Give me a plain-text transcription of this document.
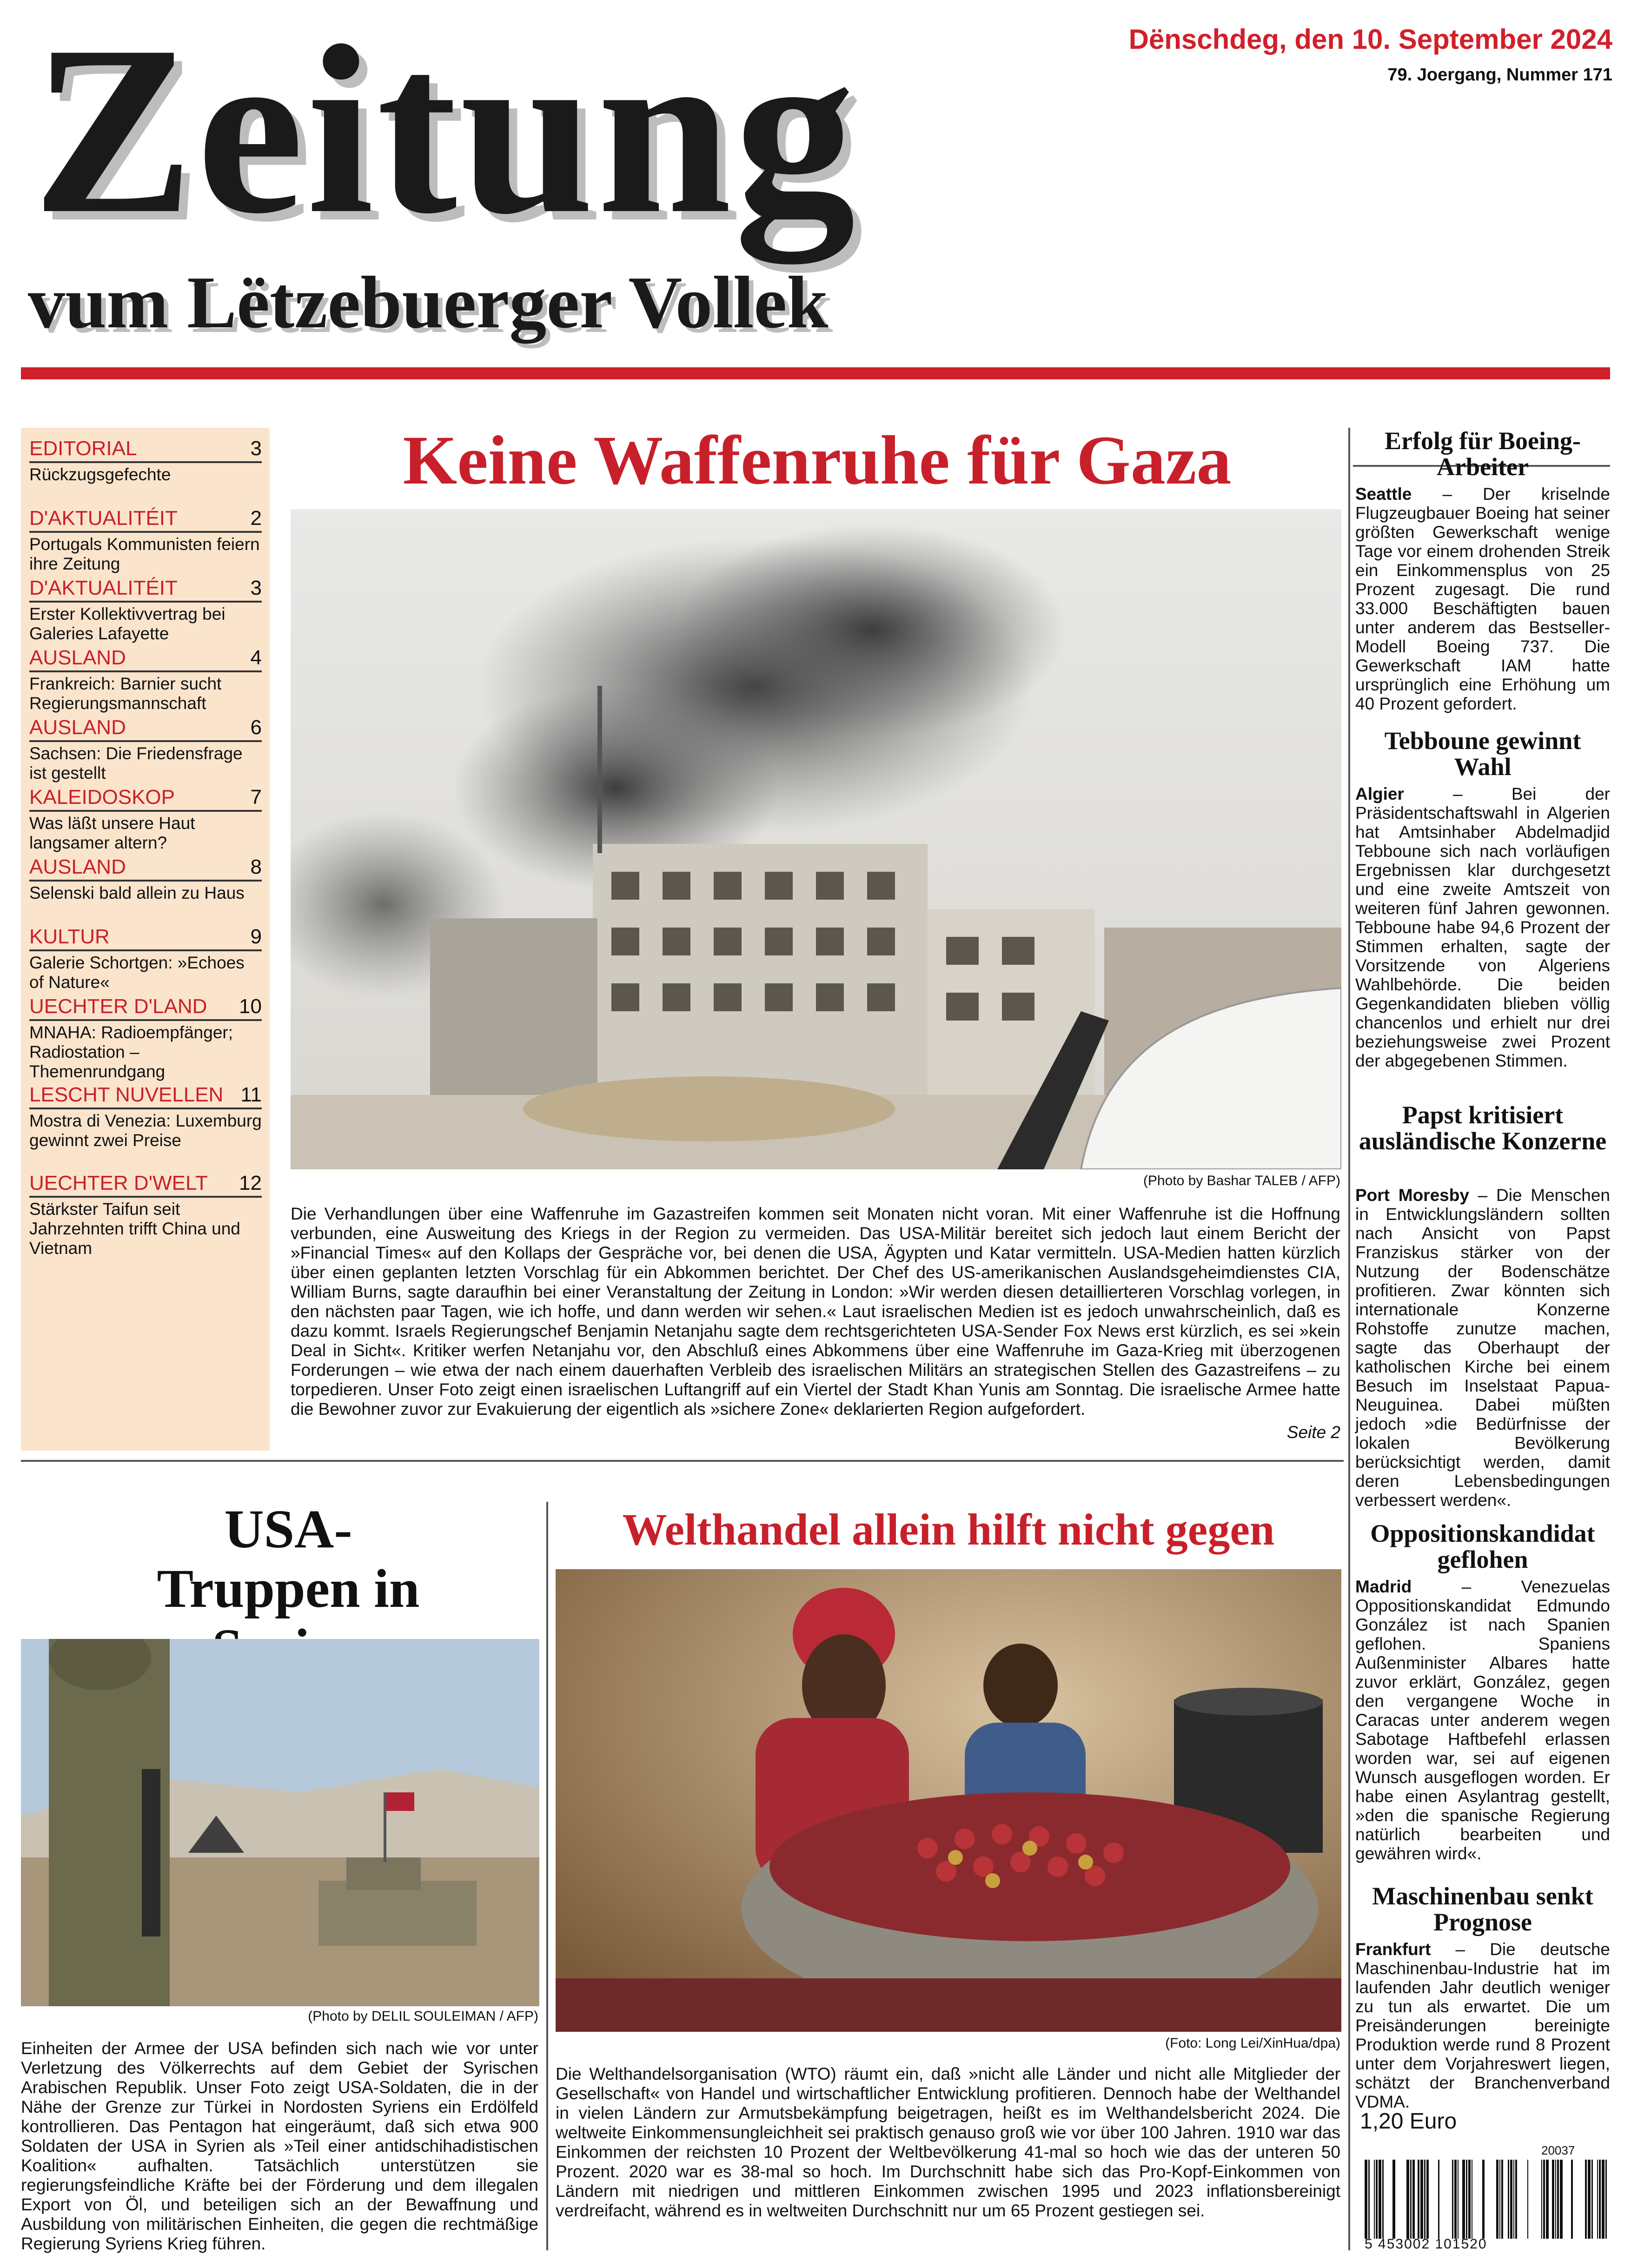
Zeitung
vum Lëtzebuerger Vollek
Dënschdeg, den 10. September 2024
79. Joergang, Nummer 171
EDITORIAL	3
Rückzugsgefechte
D'AKTUALITÉIT	2
Portugals Kommunisten feiern ihre Zeitung
D'AKTUALITÉIT	3
Erster Kollektivvertrag bei Galeries Lafayette
AUSLAND	4
Frankreich: Barnier sucht Regierungsmannschaft
AUSLAND	6
Sachsen: Die Friedensfrage ist gestellt
KALEIDOSKOP	7
Was läßt unsere Haut langsamer altern?
AUSLAND	8
Selenski bald allein zu Haus
KULTUR	9
Galerie Schortgen: »Echoes of Nature«
UECHTER D'LAND 10
MNAHA: Radioempfänger; Radiostation – Themenrundgang
LESCHT NUVELLEN 11
Mostra di Venezia: Luxemburg gewinnt zwei Preise
UECHTER D'WELT 12
Stärkster Taifun seit Jahrzehnten trifft China und Vietnam
Keine Waffenruhe für Gaza
(Photo by Bashar TALEB / AFP)
Die Verhandlungen über eine Waffenruhe im Gazastreifen kommen seit Monaten nicht voran. Mit einer Waffenruhe ist die Hoffnung verbunden, eine Ausweitung des Kriegs in der Region zu vermeiden. Das USA-Militär bereitet sich jedoch laut einem Bericht der »Financial Times« auf den Kollaps der Gespräche vor, bei denen die USA, Ägypten und Katar vermitteln. USA-Medien hatten kürzlich über einen geplanten letzten Vorschlag für ein Abkommen berichtet. Der Chef des US-amerikanischen Auslandsgeheimdienstes CIA, William Burns, sagte daraufhin bei einer Veranstaltung der Zeitung in London: »Wir werden diesen detaillierteren Vorschlag vorlegen, in den nächsten paar Tagen, wie ich hoffe, und dann werden wir sehen.« Laut israelischen Medien ist es jedoch unwahrscheinlich, daß es dazu kommt. Israels Regierungschef Benjamin Netanjahu sagte dem rechtsgerichteten USA-Sender Fox News erst kürzlich, es sei »kein Deal in Sicht«. Kritiker werfen Netanjahu vor, den Abschluß eines Abkommens über eine Waffenruhe im Gaza-Krieg mit überzogenen Forderungen – wie etwa der nach einem dauerhaften Verbleib des israelischen Militärs an strategischen Stellen des Gazastreifens – zu torpedieren. Unser Foto zeigt einen israelischen Luftangriff auf ein Viertel der Stadt Khan Yunis am Sonntag. Die israelische Armee hatte die Bewohner zuvor zur Evakuierung der eigentlich als »sichere Zone« deklarierten Region aufgefordert.
Seite 2
USA-Truppen in
(Photo by DELIL SOULEIMAN / AFP)
Einheiten der Armee der USA befinden sich nach wie vor unter Verletzung des Völkerrechts auf dem Gebiet der Syrischen Arabischen Republik. Unser Foto zeigt USA-Soldaten, die in der Nähe der Grenze zur Türkei in Nordosten Syriens ein Erdölfeld kontrollieren. Das Pentagon hat eingeräumt, daß sich etwa 900 Soldaten der USA in Syrien als »Teil einer antidschihadistischen Koalition« aufhalten. Tatsächlich unterstützen sie regierungsfeindliche Kräfte bei der Förderung und dem illegalen Export von Öl, und beteiligen sich an der Bewaffnung und Ausbildung von militärischen Einheiten, die gegen die rechtmäßige Regierung Syriens Krieg führen.
Welthandel allein hilft nicht gegen
(Foto: Long Lei/XinHua/dpa)
Die Welthandelsorganisation (WTO) räumt ein, daß »nicht alle Länder und nicht alle Mitglieder der Gesellschaft« von Handel und wirtschaftlicher Entwicklung profitieren. Dennoch habe der Welthandel in vielen Ländern zur Armutsbekämpfung beigetragen, heißt es im Welthandelsbericht 2024. Die weltweite Einkommensungleichheit sei praktisch genauso groß wie vor über 100 Jahren. 1910 war das Einkommen der reichsten 10 Prozent der Weltbevölkerung 41-mal so hoch wie das der unteren 50 Prozent. 2020 war es 38-mal so hoch. Im Durchschnitt habe sich das Pro-Kopf-Einkommen von Ländern mit niedrigen und mittleren Einkommen zwischen 1995 und 2023 inflationsbereinigt verdreifacht, während es in weltweiten Durchschnitt nur um 65 Prozent gestiegen sei.
Erfolg für Boeing-Arbeiter
Seattle – Der kriselnde Flugzeugbauer Boeing hat seiner größten Gewerkschaft wenige Tage vor einem drohenden Streik ein Einkommensplus von 25 Prozent zugesagt. Die rund 33.000 Beschäftigten bauen unter anderem das Bestseller-Modell Boeing 737. Die Gewerkschaft IAM hatte ursprünglich eine Erhöhung um 40 Prozent gefordert.
Tebboune gewinnt Wahl
Algier – Bei der Präsidentschaftswahl in Algerien hat Amtsinhaber Abdelmadjid Tebboune sich nach vorläufigen Ergebnissen klar durchgesetzt und eine zweite Amtszeit von weiteren fünf Jahren gewonnen. Tebboune habe 94,6 Prozent der Stimmen erhalten, sagte der Vorsitzende von Algeriens Wahlbehörde. Die beiden Gegenkandidaten blieben völlig chancenlos und erhielt nur drei beziehungsweise zwei Prozent der abgegebenen Stimmen.
Papst kritisiert ausländische Konzerne
Port Moresby – Die Menschen in Entwicklungsländern sollten nach Ansicht von Papst Franziskus stärker von der Nutzung der Bodenschätze profitieren. Zwar könnten sich internationale Konzerne Rohstoffe zunutze machen, sagte das Oberhaupt der katholischen Kirche bei einem Besuch im Inselstaat Papua-Neuguinea. Dabei müßten jedoch »die Bedürfnisse der lokalen Bevölkerung berücksichtigt werden, damit deren Lebensbedingungen verbessert werden«.
Oppositionskandidat geflohen
Madrid – Venezuelas Oppositionskandidat Edmundo González ist nach Spanien geflohen. Spaniens Außenminister Albares hatte zuvor erklärt, González, gegen den vergangene Woche in Caracas unter anderem wegen Sabotage Haftbefehl erlassen worden war, sei auf eigenen Wunsch ausgeflogen worden. Er habe einen Asylantrag gestellt, »den die spanische Regierung natürlich bearbeiten und gewähren wird«.
Maschinenbau senkt Prognose
Frankfurt – Die deutsche Maschinenbau-Industrie hat im laufenden Jahr deutlich weniger zu tun als erwartet. Die um Preisänderungen bereinigte Produktion werde rund 8 Prozent unter dem Vorjahreswert liegen, schätzt der Branchenverband VDMA.
1,20 Euro
20037
5 453002 101520
